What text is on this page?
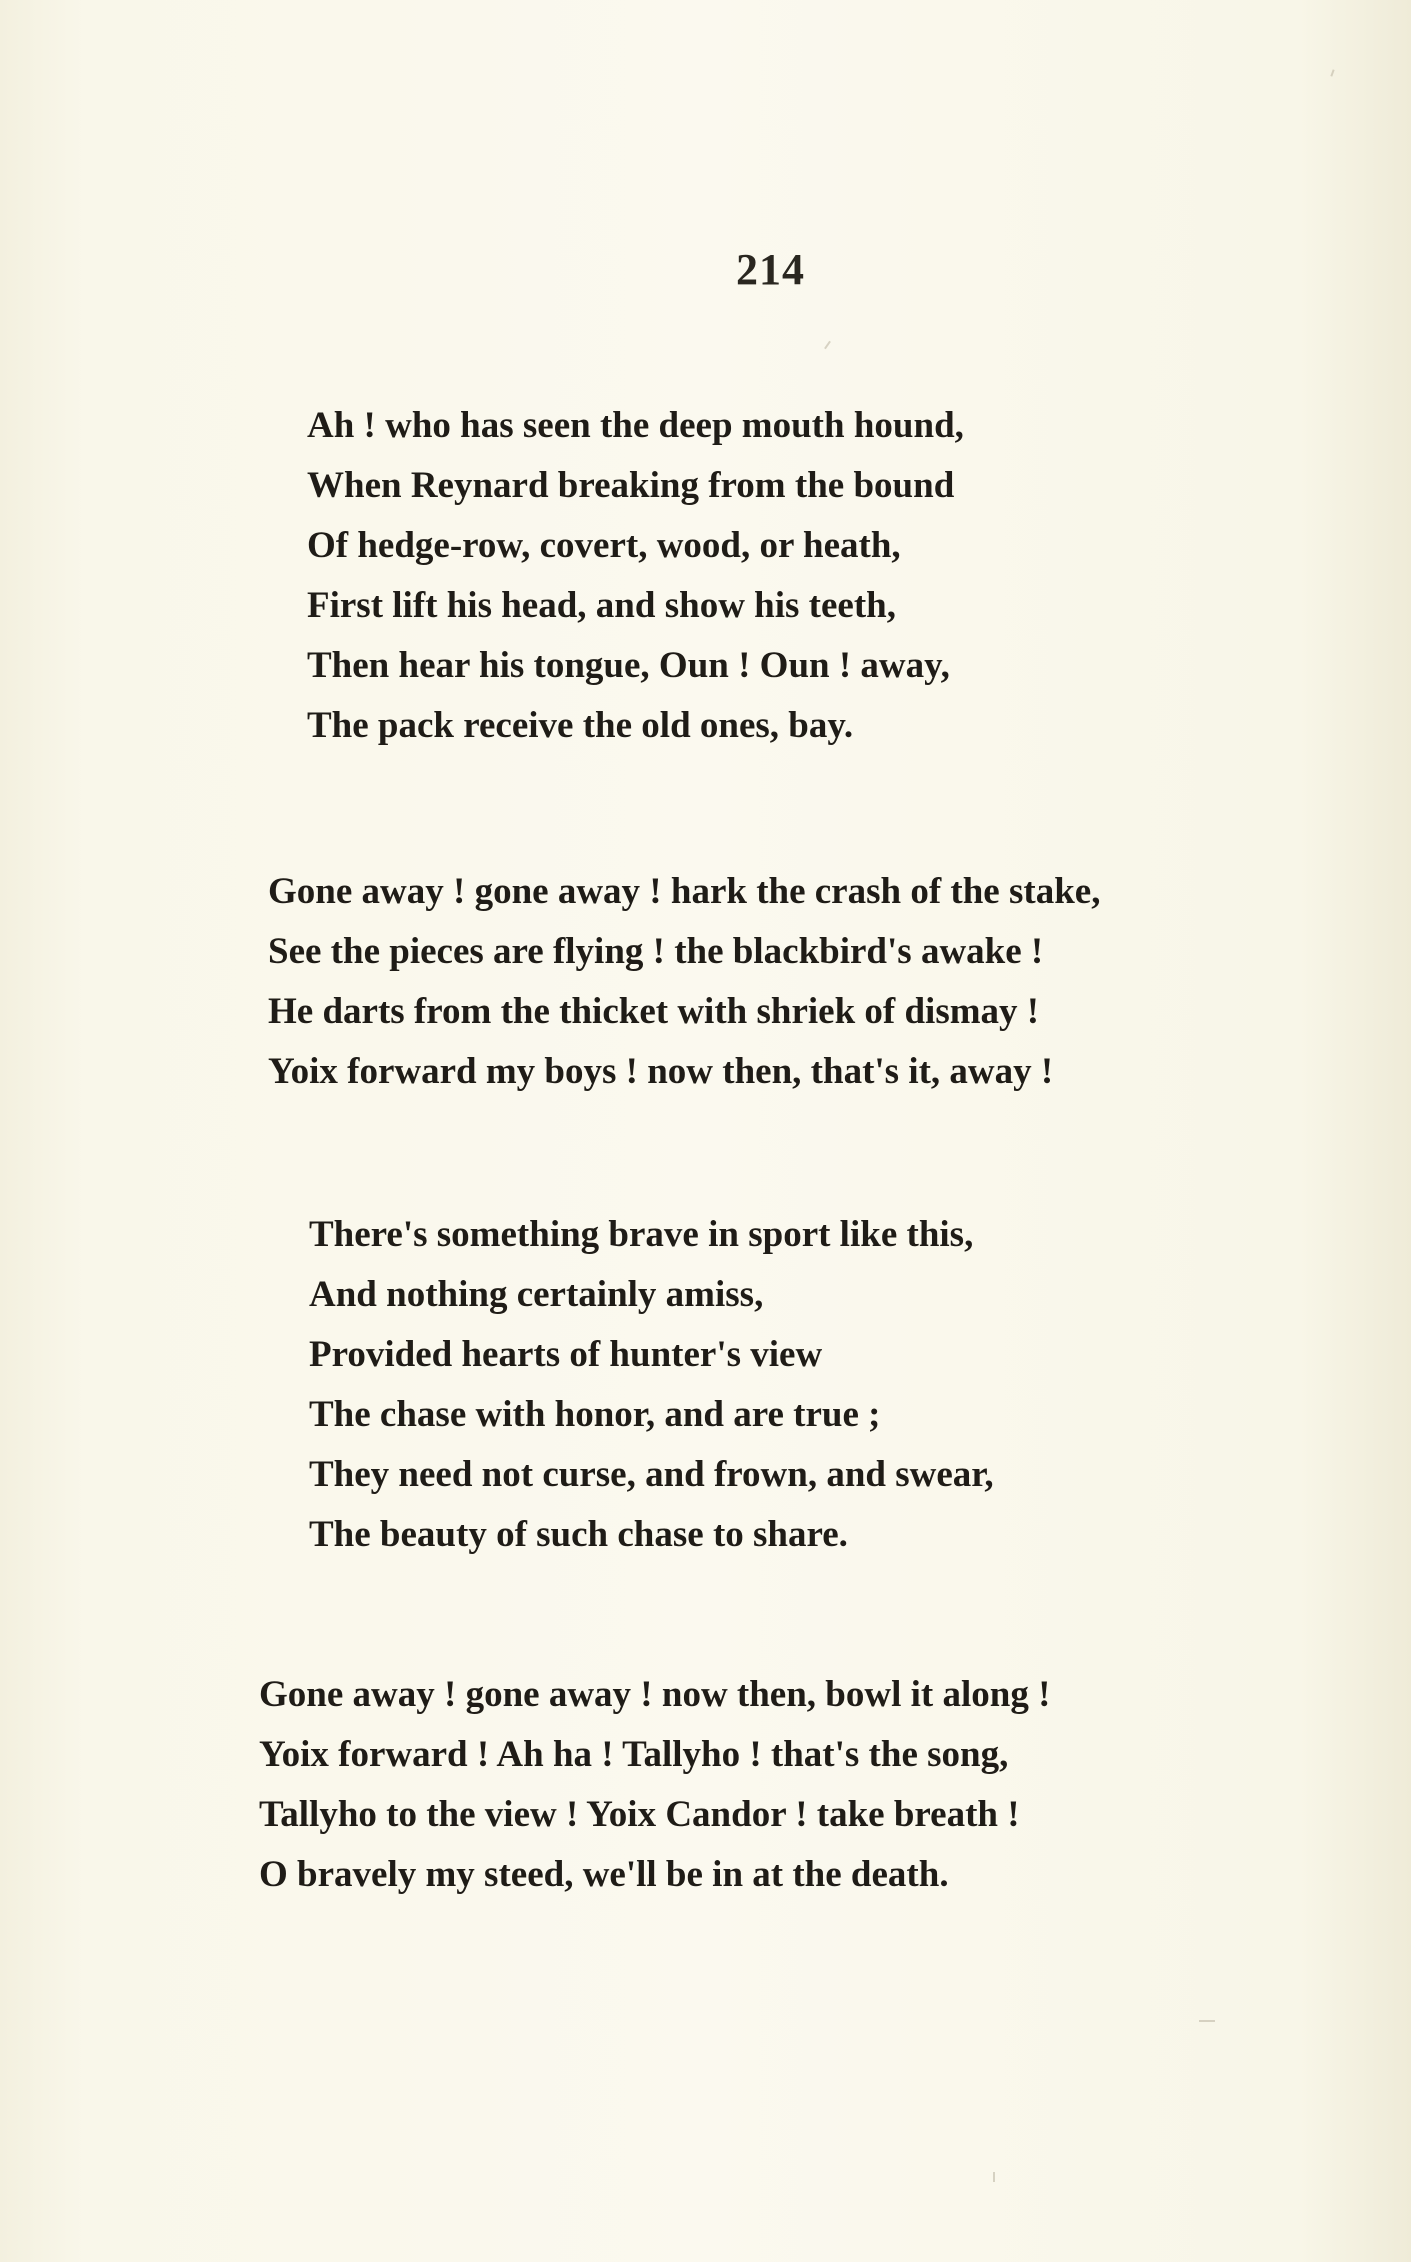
214
Ah ! who has seen the deep mouth hound,
When Reynard breaking from the bound
Of hedge-row, covert, wood, or heath,
First lift his head, and show his teeth,
Then hear his tongue, Oun ! Oun ! away,
The pack receive the old ones, bay.
Gone away ! gone away ! hark the crash of the stake,
See the pieces are flying ! the blackbird's awake !
He darts from the thicket with shriek of dismay !
Yoix forward my boys ! now then, that's it, away !
There's something brave in sport like this,
And nothing certainly amiss,
Provided hearts of hunter's view
The chase with honor, and are true ;
They need not curse, and frown, and swear,
The beauty of such chase to share.
Gone away ! gone away ! now then, bowl it along !
Yoix forward ! Ah ha ! Tallyho ! that's the song,
Tallyho to the view ! Yoix Candor ! take breath !
O bravely my steed, we'll be in at the death.
